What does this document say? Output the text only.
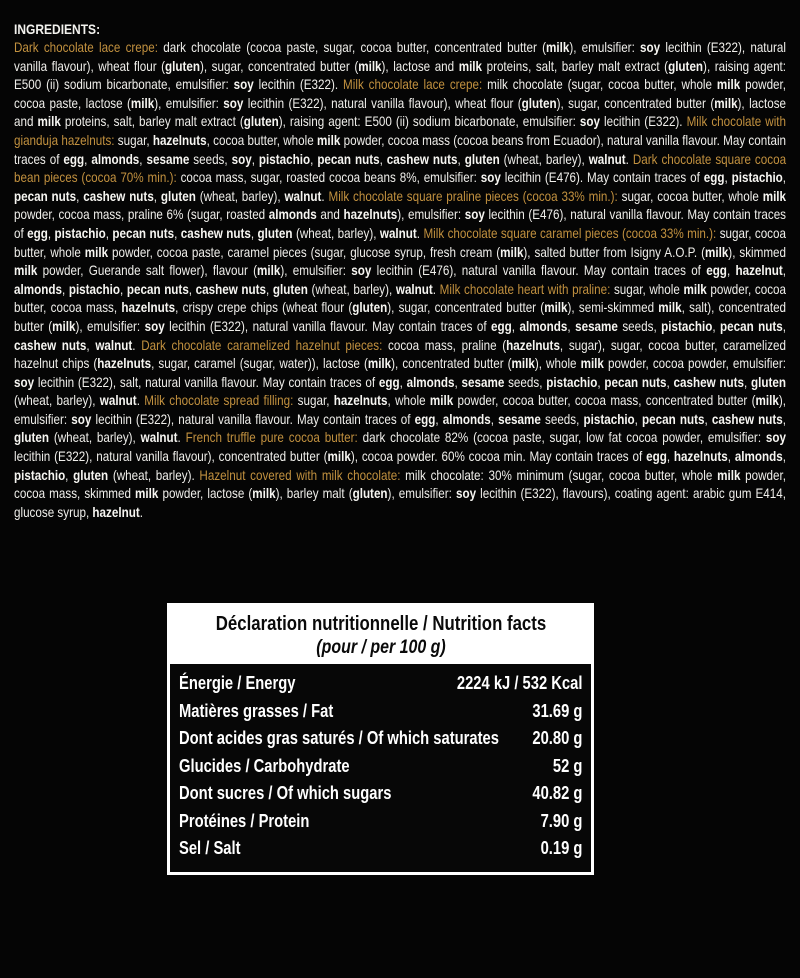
INGREDIENTS:
Dark chocolate lace crepe: dark chocolate (cocoa paste, sugar, cocoa butter, concentrated butter (milk), emulsifier: soy lecithin (E322), natural vanilla flavour), wheat flour (gluten), sugar, concentrated butter (milk), lactose and milk proteins, salt, barley malt extract (gluten), raising agent: E500 (ii) sodium bicarbonate, emulsifier: soy lecithin (E322). Milk chocolate lace crepe: milk chocolate (sugar, cocoa butter, whole milk powder, cocoa paste, lactose (milk), emulsifier: soy lecithin (E322), natural vanilla flavour), wheat flour (gluten), sugar, concentrated butter (milk), lactose and milk proteins, salt, barley malt extract (gluten), raising agent: E500 (ii) sodium bicarbonate, emulsifier: soy lecithin (E322). Milk chocolate with gianduja hazelnuts: sugar, hazelnuts, cocoa butter, whole milk powder, cocoa mass (cocoa beans from Ecuador), natural vanilla flavour. May contain traces of egg, almonds, sesame seeds, soy, pistachio, pecan nuts, cashew nuts, gluten (wheat, barley), walnut. Dark chocolate square cocoa bean pieces (cocoa 70% min.): cocoa mass, sugar, roasted cocoa beans 8%, emulsifier: soy lecithin (E476). May contain traces of egg, pistachio, pecan nuts, cashew nuts, gluten (wheat, barley), walnut. Milk chocolate square praline pieces (cocoa 33% min.): sugar, cocoa butter, whole milk powder, cocoa mass, praline 6% (sugar, roasted almonds and hazelnuts), emulsifier: soy lecithin (E476), natural vanilla flavour. May contain traces of egg, pistachio, pecan nuts, cashew nuts, gluten (wheat, barley), walnut. Milk chocolate square caramel pieces (cocoa 33% min.): sugar, cocoa butter, whole milk powder, cocoa paste, caramel pieces (sugar, glucose syrup, fresh cream (milk), salted butter from Isigny A.O.P. (milk), skimmed milk powder, Guerande salt flower), flavour (milk), emulsifier: soy lecithin (E476), natural vanilla flavour. May contain traces of egg, hazelnut, almonds, pistachio, pecan nuts, cashew nuts, gluten (wheat, barley), walnut. Milk chocolate heart with praline: sugar, whole milk powder, cocoa butter, cocoa mass, hazelnuts, crispy crepe chips (wheat flour (gluten), sugar, concentrated butter (milk), semi-skimmed milk, salt), concentrated butter (milk), emulsifier: soy lecithin (E322), natural vanilla flavour. May contain traces of egg, almonds, sesame seeds, pistachio, pecan nuts, cashew nuts, walnut. Dark chocolate caramelized hazelnut pieces: cocoa mass, praline (hazelnuts, sugar), sugar, cocoa butter, caramelized hazelnut chips (hazelnuts, sugar, caramel (sugar, water)), lactose (milk), concentrated butter (milk), whole milk powder, cocoa powder, emulsifier: soy lecithin (E322), salt, natural vanilla flavour. May contain traces of egg, almonds, sesame seeds, pistachio, pecan nuts, cashew nuts, gluten (wheat, barley), walnut. Milk chocolate spread filling: sugar, hazelnuts, whole milk powder, cocoa butter, cocoa mass, concentrated butter (milk), emulsifier: soy lecithin (E322), natural vanilla flavour. May contain traces of egg, almonds, sesame seeds, pistachio, pecan nuts, cashew nuts, gluten (wheat, barley), walnut. French truffle pure cocoa butter: dark chocolate 82% (cocoa paste, sugar, low fat cocoa powder, emulsifier: soy lecithin (E322), natural vanilla flavour), concentrated butter (milk), cocoa powder. 60% cocoa min. May contain traces of egg, hazelnuts, almonds, pistachio, gluten (wheat, barley). Hazelnut covered with milk chocolate: milk chocolate: 30% minimum (sugar, cocoa butter, whole milk powder, cocoa mass, skimmed milk powder, lactose (milk), barley malt (gluten), emulsifier: soy lecithin (E322), flavours), coating agent: arabic gum E414, glucose syrup, hazelnut.
Déclaration nutritionnelle / Nutrition facts
(pour / per 100 g)
Énergie / Energy	2224 kJ / 532 Kcal
Matières grasses / Fat	31.69 g
Dont acides gras saturés / Of which saturates 20.80 g
Glucides / Carbohydrate	52 g
Dont sucres / Of which sugars	40.82 g
Protéines / Protein	7.90 g
Sel / Salt	0.19 g
